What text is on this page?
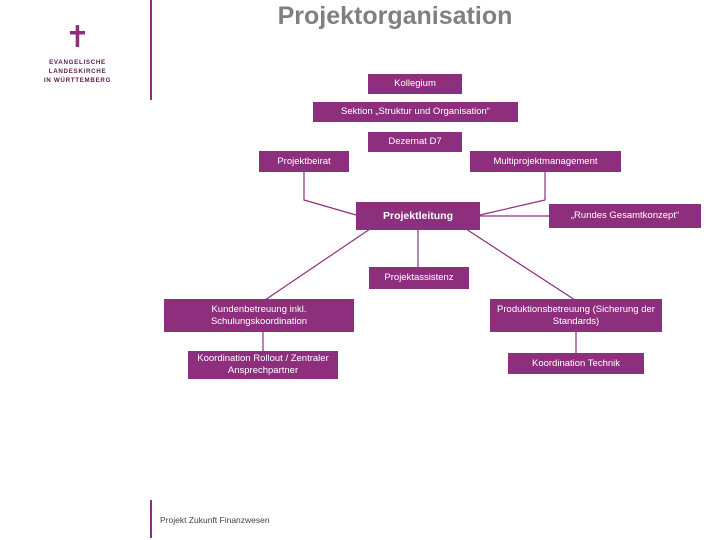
✝
EVANGELISCHE LANDESKIRCHE
IN WÜRTTEMBERG
Projektorganisation
Kollegium
Sektion „Struktur und Organisation“
Dezernat D7
Projektbeirat	Multiprojektmanagement
Projektleitung	„Rundes Gesamtkonzept“
Projektassistenz
Kundenbetreuung inkl. Schulungskoordination
Produktionsbetreuung (Sicherung der Standards)
Koordination Rollout / Zentraler Ansprechpartner
Koordination Technik
Projekt Zukunft Finanzwesen
